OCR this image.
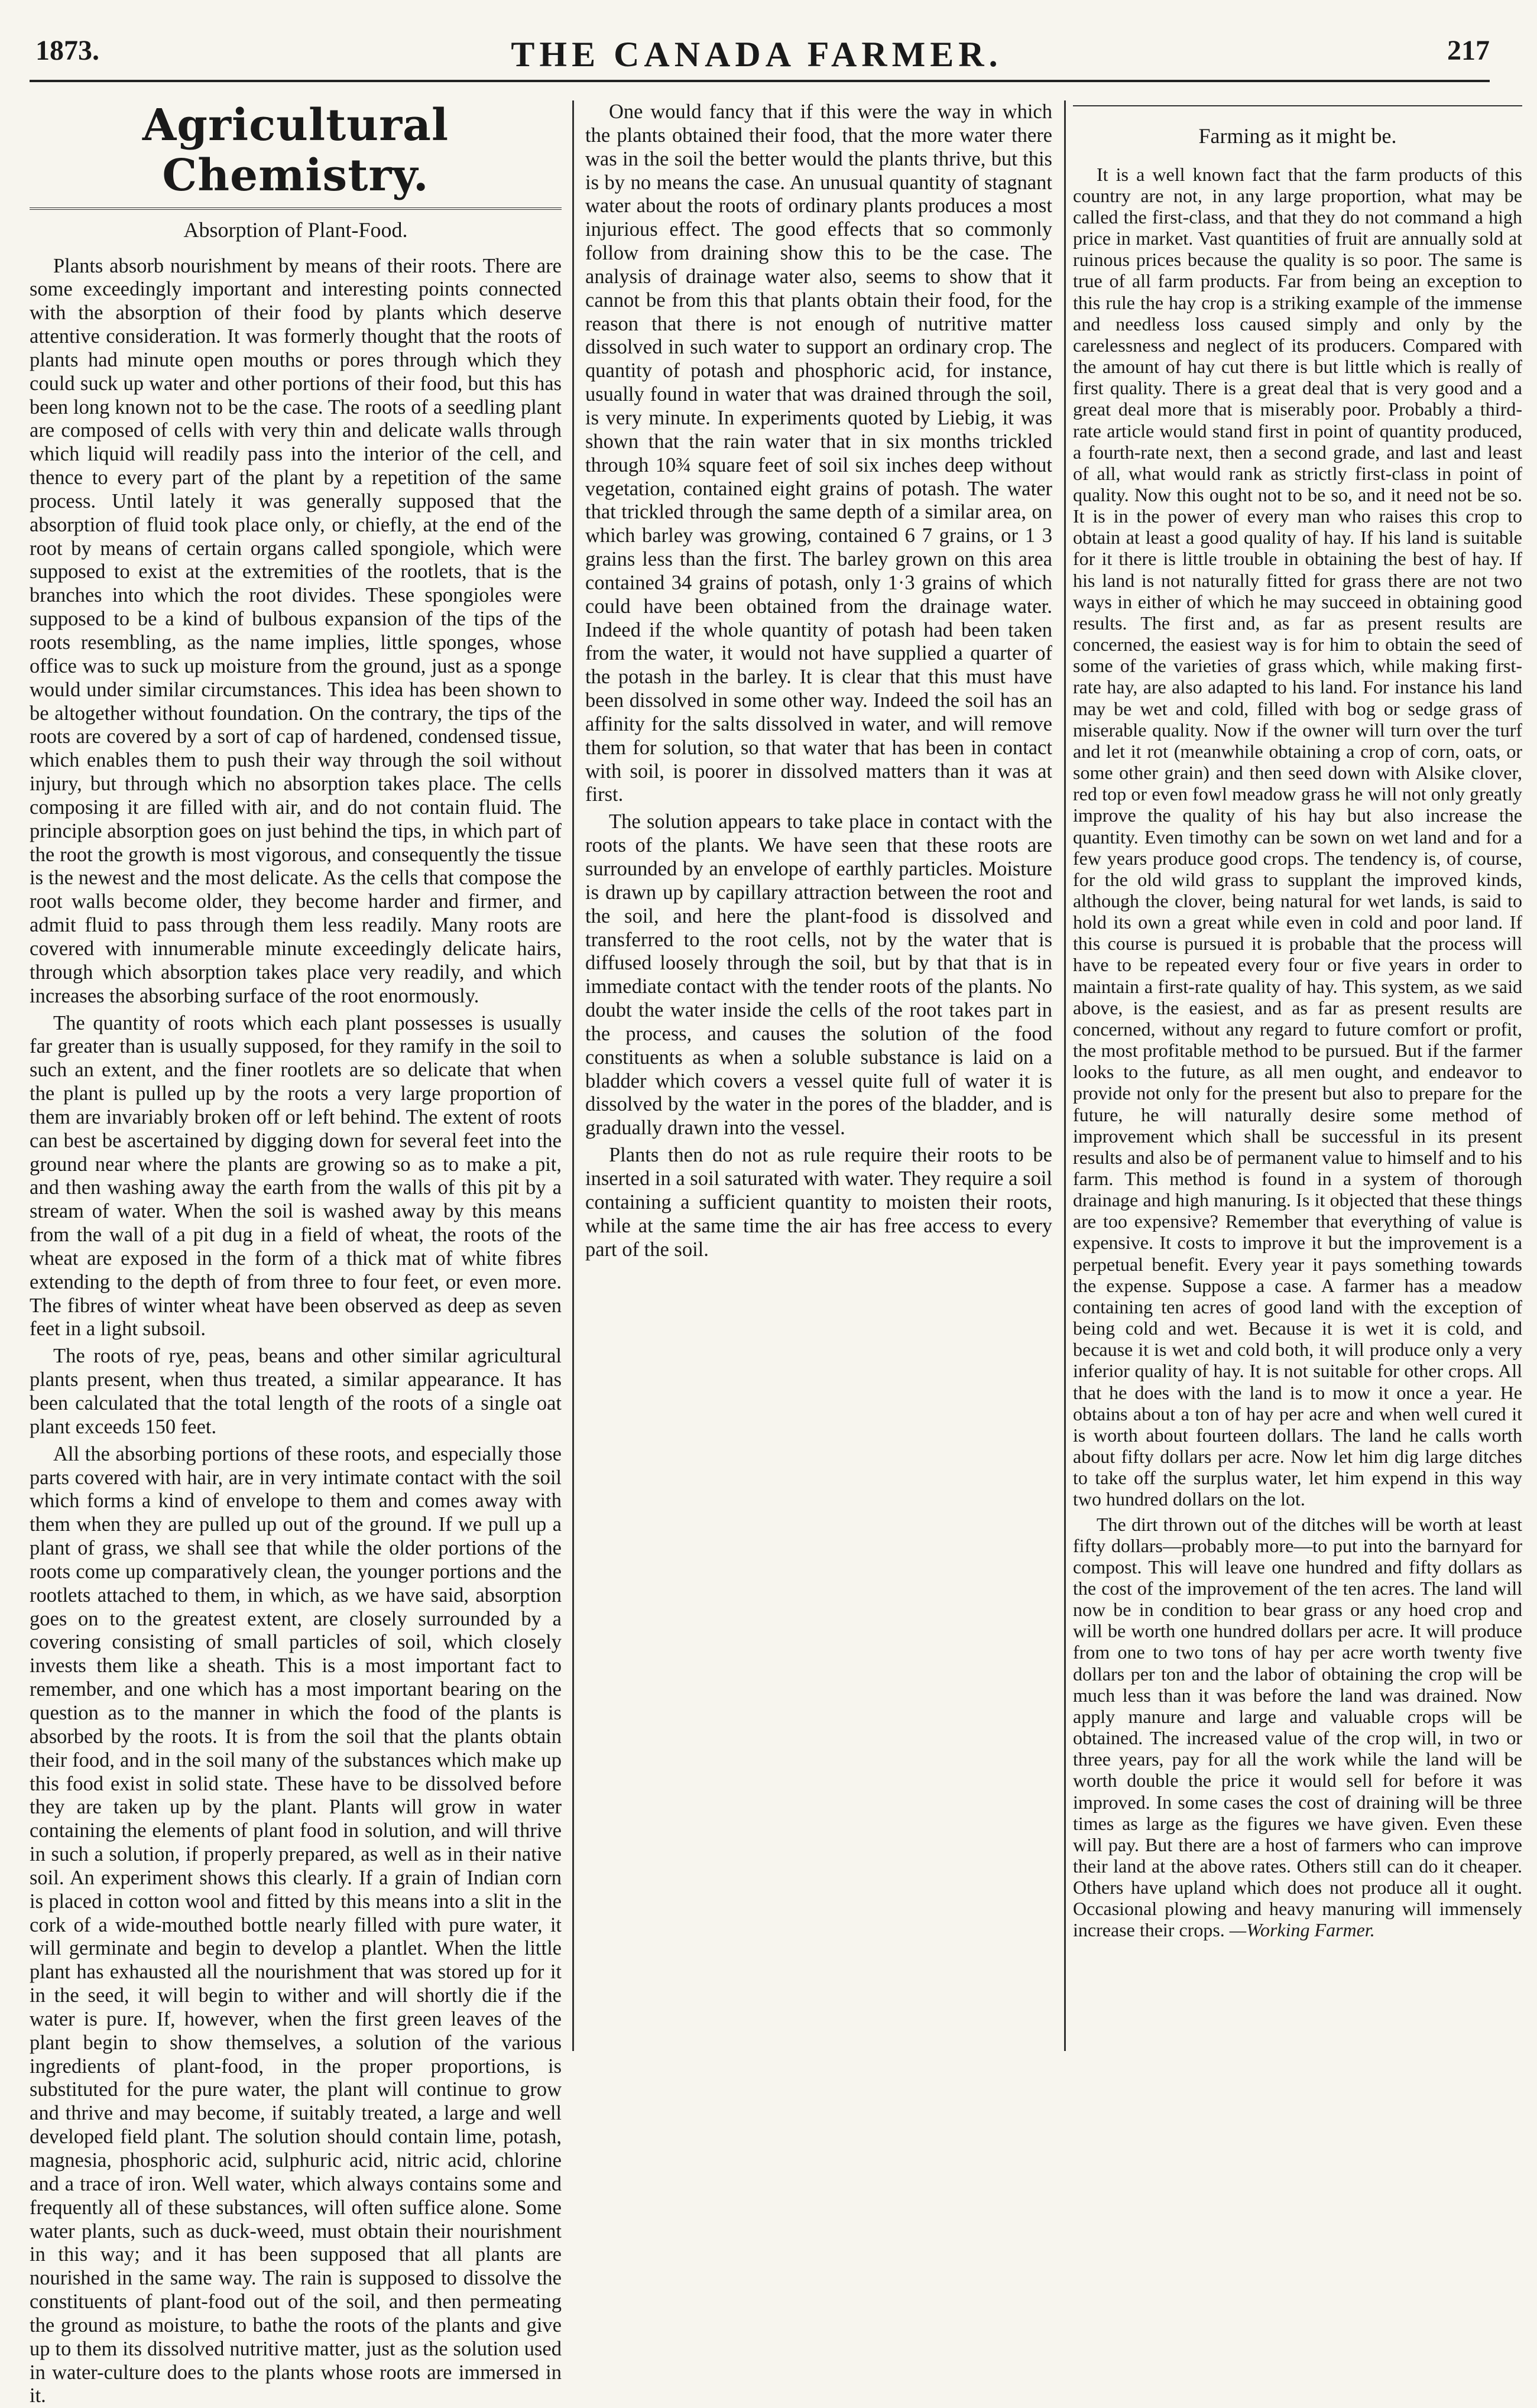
1873.	THE CANADA FARMER.	217
Agricultural Chemistry.
Absorption of Plant-Food.

Plants absorb nourishment by means of their roots. There are some exceedingly important and interesting points connected with the absorption of their food by plants which deserve attentive consideration. It was formerly thought that the roots of plants had minute open mouths or pores through which they could suck up water and other portions of their food, but this has been long known not to be the case. The roots of a seedling plant are composed of cells with very thin and delicate walls through which liquid will readily pass into the interior of the cell, and thence to every part of the plant by a repetition of the same process. Until lately it was generally supposed that the absorption of fluid took place only, or chiefly, at the end of the root by means of certain organs called spongiole, which were supposed to exist at the extremities of the rootlets, that is the branches into which the root divides. These spongioles were supposed to be a kind of bulbous expansion of the tips of the roots resembling, as the name implies, little sponges, whose office was to suck up moisture from the ground, just as a sponge would under similar circumstances. This idea has been shown to be altogether without foundation. On the contrary, the tips of the roots are covered by a sort of cap of hardened, condensed tissue, which enables them to push their way through the soil without injury, but through which no absorption takes place. The cells composing it are filled with air, and do not contain fluid. The principle absorption goes on just behind the tips, in which part of the root the growth is most vigorous, and consequently the tissue is the newest and the most delicate. As the cells that compose the root walls become older, they become harder and firmer, and admit fluid to pass through them less readily. Many roots are covered with innumerable minute exceedingly delicate hairs, through which absorption takes place very readily, and which increases the absorbing surface of the root enormously.

The quantity of roots which each plant possesses is usually far greater than is usually supposed, for they ramify in the soil to such an extent, and the finer rootlets are so delicate that when the plant is pulled up by the roots a very large proportion of them are invariably broken off or left behind. The extent of roots can best be ascertained by digging down for several feet into the ground near where the plants are growing so as to make a pit, and then washing away the earth from the walls of this pit by a stream of water. When the soil is washed away by this means from the wall of a pit dug in a field of wheat, the roots of the wheat are exposed in the form of a thick mat of white fibres extending to the depth of from three to four feet, or even more. The fibres of winter wheat have been observed as deep as seven feet in a light subsoil.

The roots of rye, peas, beans and other similar agricultural plants present, when thus treated, a similar appearance. It has been calculated that the total length of the roots of a single oat plant exceeds 150 feet.

All the absorbing portions of these roots, and especially those parts covered with hair, are in very intimate contact with the soil which forms a kind of envelope to them and comes away with them when they are pulled up out of the ground. If we pull up a plant of grass, we shall see that while the older portions of the roots come up comparatively clean, the younger portions and the rootlets attached to them, in which, as we have said, absorption goes on to the greatest extent, are closely surrounded by a covering consisting of small particles of soil, which closely invests them like a sheath. This is a most important fact to remember, and one which has a most important bearing on the question as to the manner in which the food of the plants is absorbed by the roots. It is from the soil that the plants obtain their food, and in the soil many of the substances which make up this food exist in solid state. These have to be dissolved before they are taken up by the plant. Plants will grow in water containing the elements of plant food in solution, and will thrive in such a solution, if properly prepared, as well as in their native soil. An experiment shows this clearly. If a grain of Indian corn is placed in cotton wool and fitted by this means into a slit in the cork of a wide-mouthed bottle nearly filled with pure water, it will germinate and begin to develop a plantlet. When the little plant has exhausted all the nourishment that was stored up for it in the seed, it will begin to wither and will shortly die if the water is pure. If, however, when the first green leaves of the plant begin to show themselves, a solution of the various ingredients of plant-food, in the proper proportions, is substituted for the pure water, the plant will continue to grow and thrive and may become, if suitably treated, a large and well developed field plant. The solution should contain lime, potash, magnesia, phosphoric acid, sulphuric acid, nitric acid, chlorine and a trace of iron. Well water, which always contains some and frequently all of these substances, will often suffice alone. Some water plants, such as duck-weed, must obtain their nourishment in this way; and it has been supposed that all plants are nourished in the same way. The rain is supposed to dissolve the constituents of plant-food out of the soil, and then permeating the ground as moisture, to bathe the roots of the plants and give up to them its dissolved nutritive matter, just as the solution used in water-culture does to the plants whose roots are immersed in it.

One would fancy that if this were the way in which the plants obtained their food, that the more water there was in the soil the better would the plants thrive, but this is by no means the case. An unusual quantity of stagnant water about the roots of ordinary plants produces a most injurious effect. The good effects that so commonly follow from draining show this to be the case. The analysis of drainage water also, seems to show that it cannot be from this that plants obtain their food, for the reason that there is not enough of nutritive matter dissolved in such water to support an ordinary crop. The quantity of potash and phosphoric acid, for instance, usually found in water that was drained through the soil, is very minute. In experiments quoted by Liebig, it was shown that the rain water that in six months trickled through 10¾ square feet of soil six inches deep without vegetation, contained eight grains of potash. The water that trickled through the same depth of a similar area, on which barley was growing, contained 6 7 grains, or 1 3 grains less than the first. The barley grown on this area contained 34 grains of potash, only 1·3 grains of which could have been obtained from the drainage water. Indeed if the whole quantity of potash had been taken from the water, it would not have supplied a quarter of the potash in the barley. It is clear that this must have been dissolved in some other way. Indeed the soil has an affinity for the salts dissolved in water, and will remove them for solution, so that water that has been in contact with soil, is poorer in dissolved matters than it was at first.

The solution appears to take place in contact with the roots of the plants. We have seen that these roots are surrounded by an envelope of earthly particles. Moisture is drawn up by capillary attraction between the root and the soil, and here the plant-food is dissolved and transferred to the root cells, not by the water that is diffused loosely through the soil, but by that that is in immediate contact with the tender roots of the plants. No doubt the water inside the cells of the root takes part in the process, and causes the solution of the food constituents as when a soluble substance is laid on a bladder which covers a vessel quite full of water it is dissolved by the water in the pores of the bladder, and is gradually drawn into the vessel.

Plants then do not as rule require their roots to be inserted in a soil saturated with water. They require a soil containing a sufficient quantity to moisten their roots, while at the same time the air has free access to every part of the soil.

Farming as it might be.

It is a well known fact that the farm products of this country are not, in any large proportion, what may be called the first-class, and that they do not command a high price in market. Vast quantities of fruit are annually sold at ruinous prices because the quality is so poor. The same is true of all farm products. Far from being an exception to this rule the hay crop is a striking example of the immense and needless loss caused simply and only by the carelessness and neglect of its producers. Compared with the amount of hay cut there is but little which is really of first quality. There is a great deal that is very good and a great deal more that is miserably poor. Probably a third-rate article would stand first in point of quantity produced, a fourth-rate next, then a second grade, and last and least of all, what would rank as strictly first-class in point of quality. Now this ought not to be so, and it need not be so. It is in the power of every man who raises this crop to obtain at least a good quality of hay. If his land is suitable for it there is little trouble in obtaining the best of hay. If his land is not naturally fitted for grass there are not two ways in either of which he may succeed in obtaining good results. The first and, as far as present results are concerned, the easiest way is for him to obtain the seed of some of the varieties of grass which, while making first-rate hay, are also adapted to his land. For instance his land may be wet and cold, filled with bog or sedge grass of miserable quality. Now if the owner will turn over the turf and let it rot (meanwhile obtaining a crop of corn, oats, or some other grain) and then seed down with Alsike clover, red top or even fowl meadow grass he will not only greatly improve the quality of his hay but also increase the quantity. Even timothy can be sown on wet land and for a few years produce good crops. The tendency is, of course, for the old wild grass to supplant the improved kinds, although the clover, being natural for wet lands, is said to hold its own a great while even in cold and poor land. If this course is pursued it is probable that the process will have to be repeated every four or five years in order to maintain a first-rate quality of hay. This system, as we said above, is the easiest, and as far as present results are concerned, without any regard to future comfort or profit, the most profitable method to be pursued. But if the farmer looks to the future, as all men ought, and endeavor to provide not only for the present but also to prepare for the future, he will naturally desire some method of improvement which shall be successful in its present results and also be of permanent value to himself and to his farm. This method is found in a system of thorough drainage and high manuring. Is it objected that these things are too expensive? Remember that everything of value is expensive. It costs to improve it but the improvement is a perpetual benefit. Every year it pays something towards the expense. Suppose a case. A farmer has a meadow containing ten acres of good land with the exception of being cold and wet. Because it is wet it is cold, and because it is wet and cold both, it will produce only a very inferior quality of hay. It is not suitable for other crops. All that he does with the land is to mow it once a year. He obtains about a ton of hay per acre and when well cured it is worth about fourteen dollars. The land he calls worth about fifty dollars per acre. Now let him dig large ditches to take off the surplus water, let him expend in this way two hundred dollars on the lot.

The dirt thrown out of the ditches will be worth at least fifty dollars—probably more—to put into the barnyard for compost. This will leave one hundred and fifty dollars as the cost of the improvement of the ten acres. The land will now be in condition to bear grass or any hoed crop and will be worth one hundred dollars per acre. It will produce from one to two tons of hay per acre worth twenty five dollars per ton and the labor of obtaining the crop will be much less than it was before the land was drained. Now apply manure and large and valuable crops will be obtained. The increased value of the crop will, in two or three years, pay for all the work while the land will be worth double the price it would sell for before it was improved. In some cases the cost of draining will be three times as large as the figures we have given. Even these will pay. But there are a host of farmers who can improve their land at the above rates. Others still can do it cheaper. Others have upland which does not produce all it ought. Occasional plowing and heavy manuring will immensely increase their crops. —Working Farmer.
